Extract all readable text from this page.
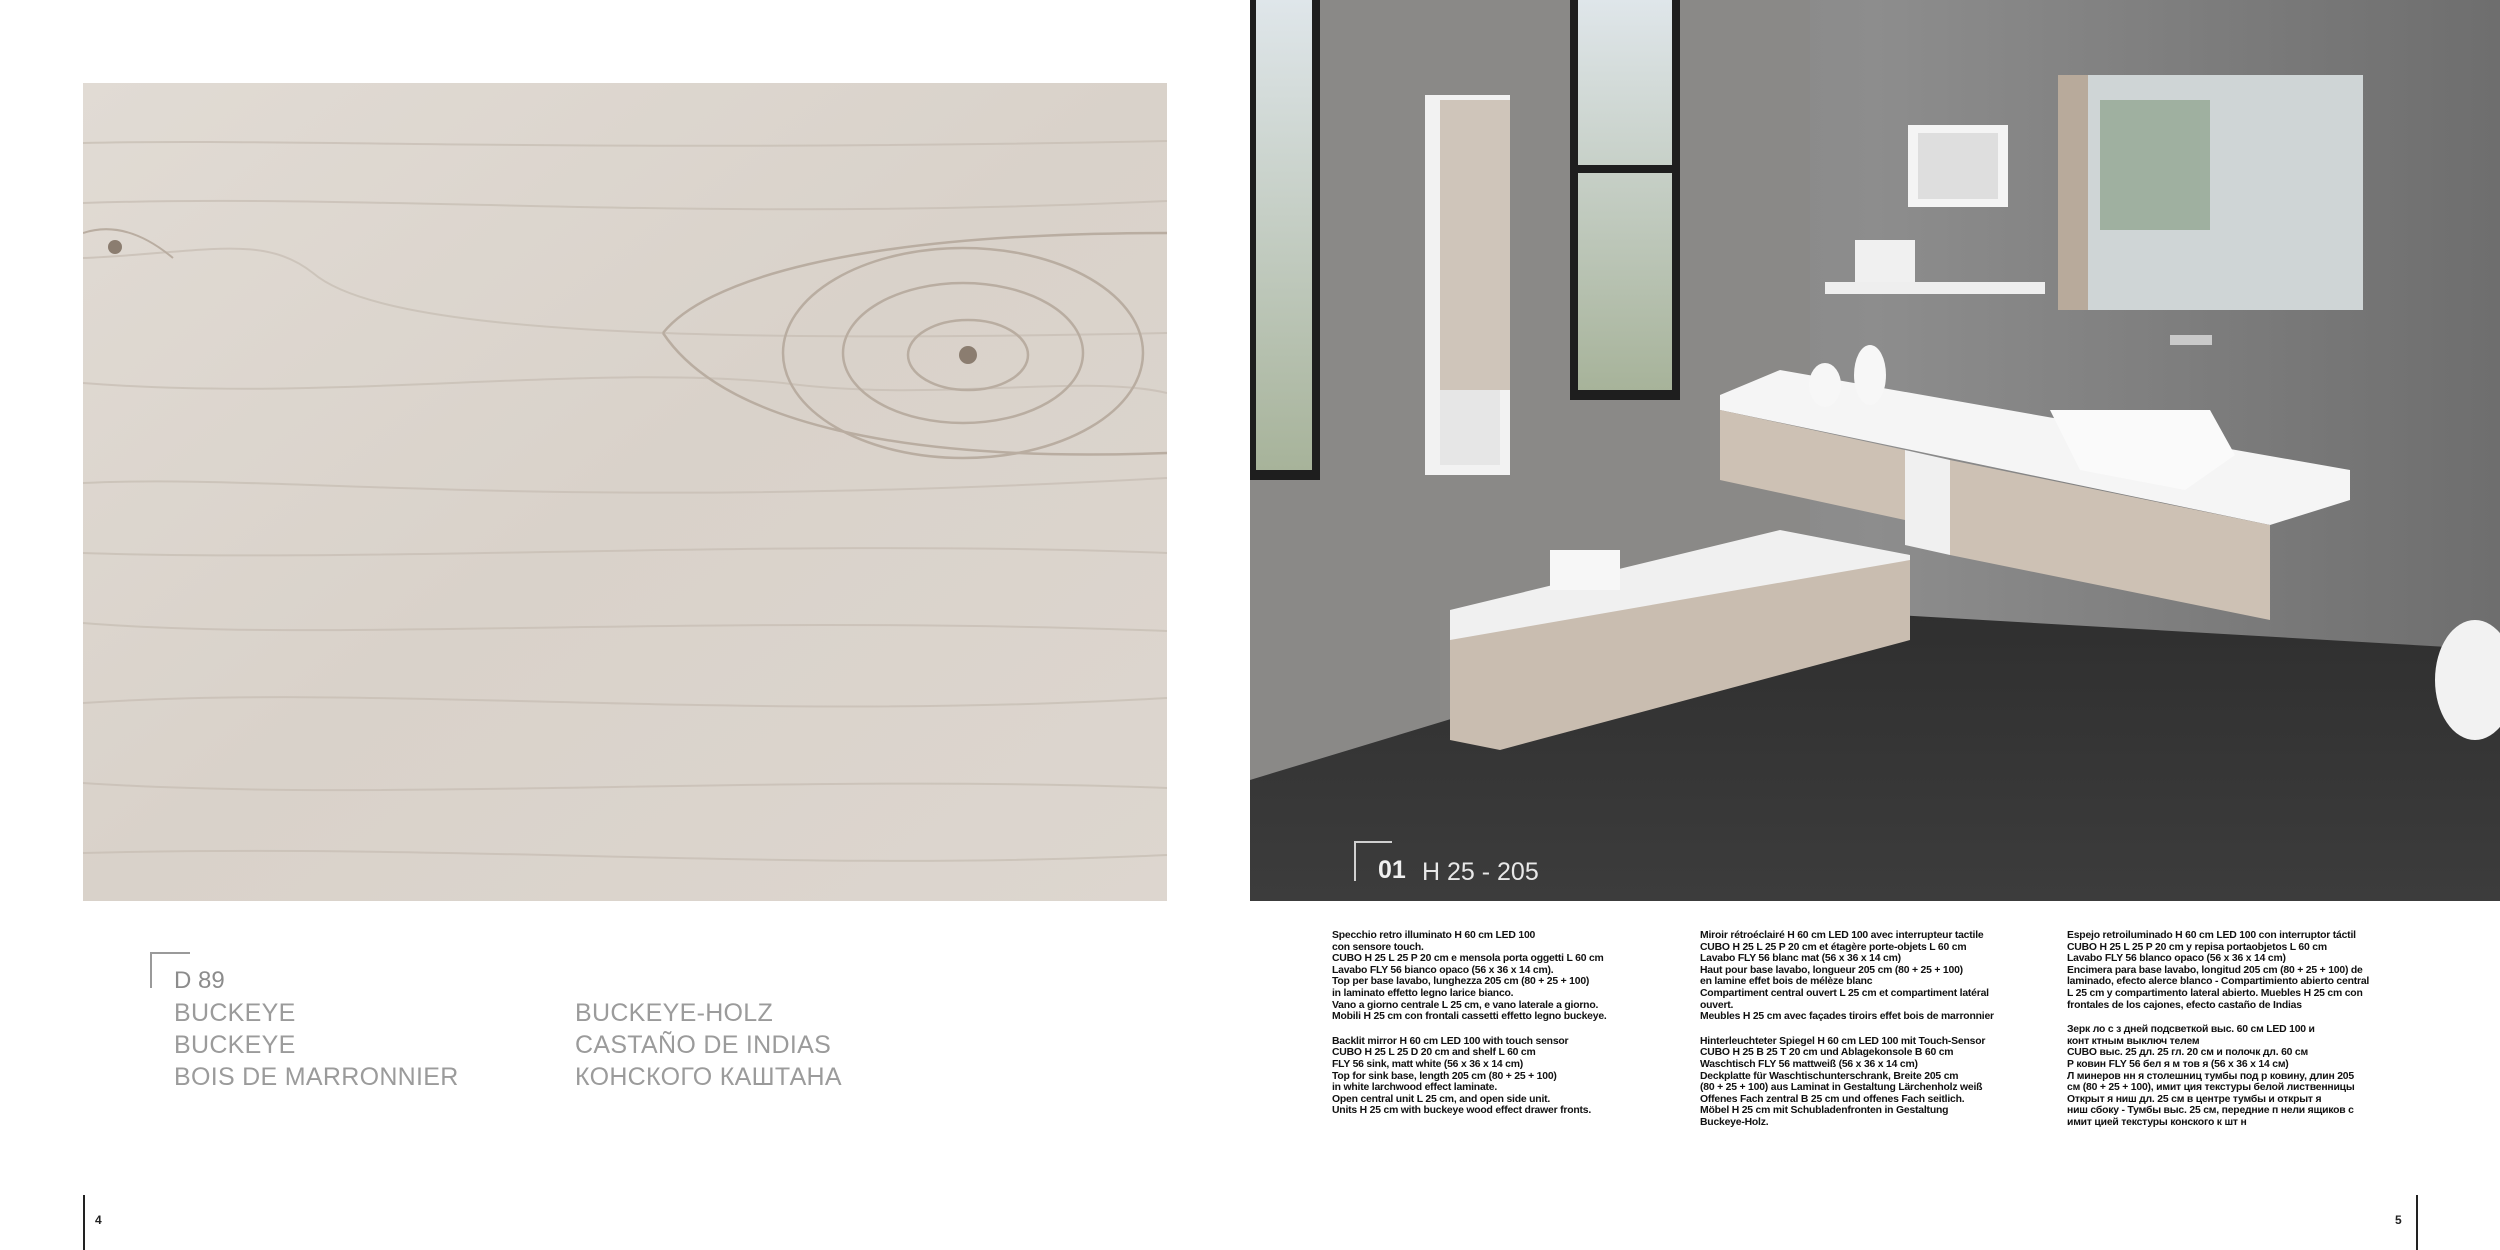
D 89
BUCKEYE
BUCKEYE
BOIS DE MARRONNIER
BUCKEYE-HOLZ
CASTAÑO DE INDIAS
КОНСКОГО КАШТАНА
01 H 25 - 205

Specchio retro illuminato H 60 cm LED 100
con sensore touch.
CUBO H 25 L 25 P 20 cm e mensola porta oggetti L 60 cm
Lavabo FLY 56 bianco opaco (56 x 36 x 14 cm).
Top per base lavabo, lunghezza 205 cm (80 + 25 + 100)
in laminato effetto legno larice bianco.
Vano a giorno centrale L 25 cm, e vano laterale a giorno.
Mobili H 25 cm con frontali cassetti effetto legno buckeye.

Backlit mirror H 60 cm LED 100 with touch sensor
CUBO H 25 L 25 D 20 cm and shelf L 60 cm
FLY 56 sink, matt white (56 x 36 x 14 cm)
Top for sink base, length 205 cm (80 + 25 + 100)
in white larchwood effect laminate.
Open central unit L 25 cm, and open side unit.
Units H 25 cm with buckeye wood effect drawer fronts.

Miroir rétroéclairé H 60 cm LED 100 avec interrupteur tactile
CUBO H 25 L 25 P 20 cm et étagère porte-objets L 60 cm
Lavabo FLY 56 blanc mat (56 x 36 x 14 cm)
Haut pour base lavabo, longueur 205 cm (80 + 25 + 100)
en lamine effet bois de mélèze blanc
Compartiment central ouvert L 25 cm et compartiment latéral
ouvert.
Meubles H 25 cm avec façades tiroirs effet bois de marronnier

Hinterleuchteter Spiegel H 60 cm LED 100 mit Touch-Sensor
CUBO H 25 B 25 T 20 cm und Ablagekonsole B 60 cm
Waschtisch FLY 56 mattweiß (56 x 36 x 14 cm)
Deckplatte für Waschtischunterschrank, Breite 205 cm
(80 + 25 + 100) aus Laminat in Gestaltung Lärchenholz weiß
Offenes Fach zentral B 25 cm und offenes Fach seitlich.
Möbel H 25 cm mit Schubladenfronten in Gestaltung
Buckeye-Holz.

Espejo retroiluminado H 60 cm LED 100 con interruptor táctil
CUBO H 25 L 25 P 20 cm y repisa portaobjetos L 60 cm
Lavabo FLY 56 blanco opaco (56 x 36 x 14 cm)
Encimera para base lavabo, longitud 205 cm (80 + 25 + 100) de
laminado, efecto alerce blanco - Compartimiento abierto central
L 25 cm y compartimento lateral abierto. Muebles H 25 cm con
frontales de los cajones, efecto castaño de Indias

Зерк ло с з дней подсветкой выс. 60 см LED 100 и
конт ктным выключ телем
CUBO выс. 25 дл. 25 гл. 20 см и полочк дл. 60 см
Р ковин FLY 56 бел я м тов я (56 x 36 x 14 см)
Л минеров нн я столешниц тумбы под р ковину, длин 205
см (80 + 25 + 100), имит ция текстуры белой лиственницы
Открыт я ниш дл. 25 см в центре тумбы и открыт я
ниш сбоку - Тумбы выс. 25 см, передние п нели ящиков с
имит цией текстуры конского к шт н

4	5
